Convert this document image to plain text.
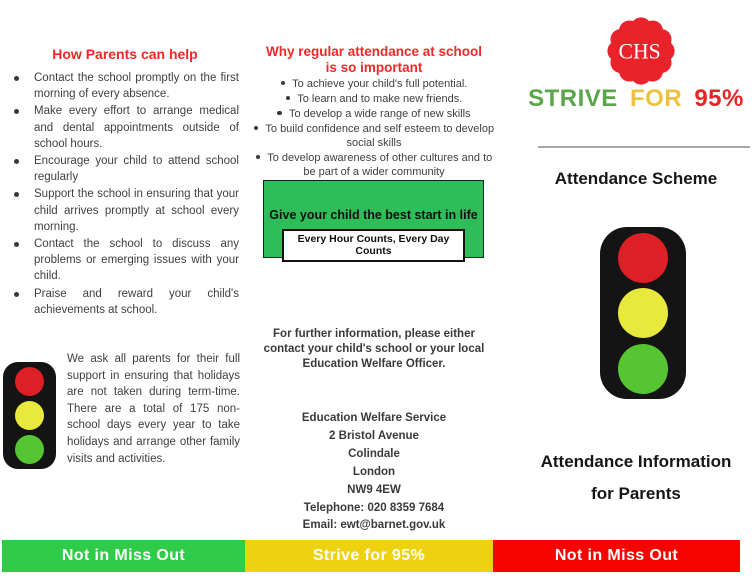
How Parents can help
Contact the school promptly on the first morning of every absence.
Make every effort to arrange medical and dental appointments outside of school hours.
Encourage your child to attend school regularly
Support the school in ensuring that your child arrives promptly at school every morning.
Contact the school to discuss any problems or emerging issues with your child.
Praise and reward your child's achievements at school.
We ask all parents for their full support in ensuring that holidays are not taken during term-time. There are a total of 175 non-school days every year to take holidays and arrange other family visits and activities.
Why regular attendance at school
is so important
To achieve your child's full potential.
To learn and to make new friends.
To develop a wide range of new skills
To build confidence and self esteem to develop social skills
To develop awareness of other cultures and to be part of a wider community
Give your child the best start in life
Every Hour Counts, Every Day Counts
For further information, please either
contact your child's school or your local
Education Welfare Officer.
Education Welfare Service
2 Bristol Avenue
Colindale
London
NW9 4EW
Telephone: 020 8359 7684
Email: ewt@barnet.gov.uk
CHS
STRIVE FOR 95%
Attendance Scheme
Attendance Information
for Parents
Not in Miss Out	Strive for 95%	Not in Miss Out
